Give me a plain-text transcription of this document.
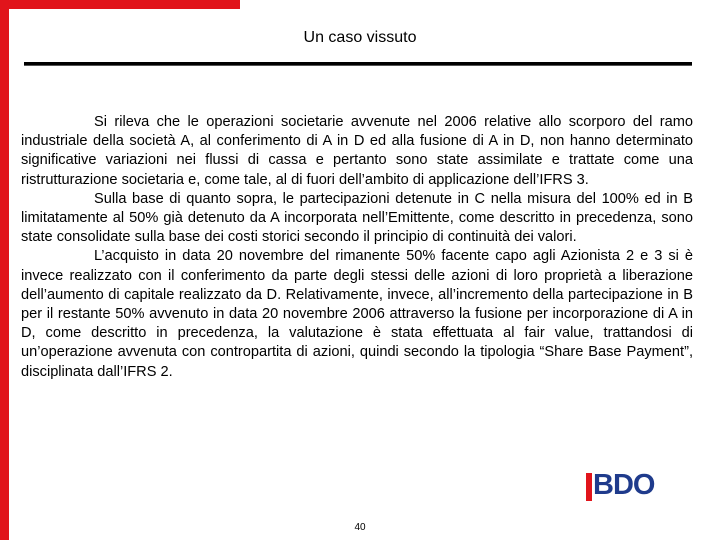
Un caso vissuto

Si rileva che le operazioni societarie avvenute nel 2006 relative allo scorporo del ramo industriale della società A, al conferimento di A in D ed alla fusione di A in D, non hanno determinato significative variazioni nei flussi di cassa e pertanto sono state assimilate e trattate come una ristrutturazione societaria e, come tale, al di fuori dell’ambito di applicazione dell’IFRS 3.

Sulla base di quanto sopra, le partecipazioni detenute in C nella misura del 100% ed in B limitatamente al 50% già detenuto da A incorporata nell’Emittente, come descritto in precedenza, sono state consolidate sulla base dei costi storici secondo il principio di continuità dei valori.

L’acquisto in data 20 novembre del rimanente 50% facente capo agli Azionista 2 e 3 si è invece realizzato con il conferimento da parte degli stessi delle azioni di loro proprietà a liberazione dell’aumento di capitale realizzato da D. Relativamente, invece, all’incremento della partecipazione in B per il restante 50% avvenuto in data 20 novembre 2006 attraverso la fusione per incorporazione di A in D, come descritto in precedenza, la valutazione è stata effettuata al fair value, trattandosi di un’operazione avvenuta con contropartita di azioni, quindi secondo la tipologia “Share Base Payment”, disciplinata dall’IFRS 2.

BDO
40
